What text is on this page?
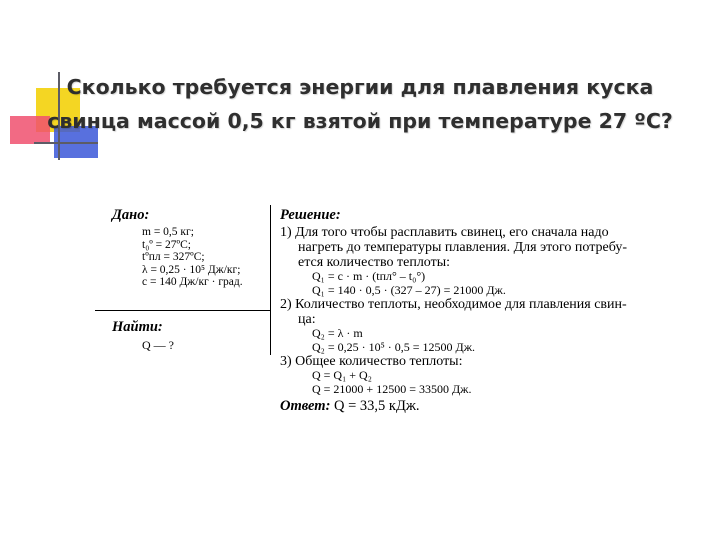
Сколько требуется энергии для плавления куска
свинца массой 0,5 кг взятой при температуре 27 ºС?
Дано:
m = 0,5 кг;
t₀º = 27ºС;
tºпл = 327ºС;
λ = 0,25 · 10⁵ Дж/кг;
c = 140 Дж/кг · град.
Найти:
Q — ?
Решение:
1) Для того чтобы расплавить свинец, его сначала надо
нагреть до температуры плавления. Для этого потребу-
ется количество теплоты:
Q₁ = c · m · (tпл° – t₀°)
Q₁ = 140 · 0,5 · (327 – 27) = 21000 Дж.
2) Количество теплоты, необходимое для плавления свин-
ца:
Q₂ = λ · m
Q₂ = 0,25 · 10⁵ · 0,5 = 12500 Дж.
3) Общее количество теплоты:
Q = Q₁ + Q₂
Q = 21000 + 12500 = 33500 Дж.
Ответ: Q = 33,5 кДж.
